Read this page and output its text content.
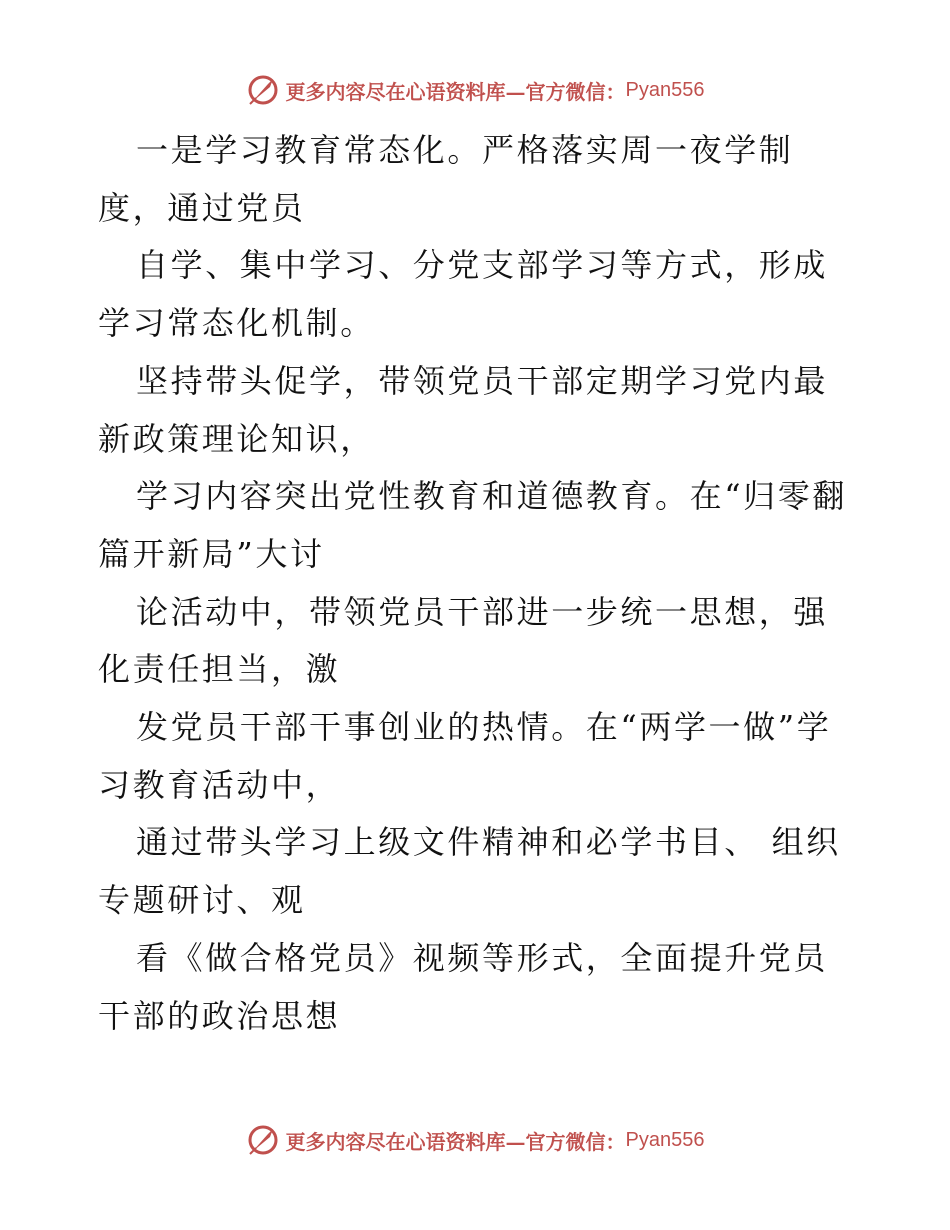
更多内容尽在心语资料库—官方微信： Pyan556

一是学习教育常态化。严格落实周一夜学制度，通过党员

自学、集中学习、分党支部学习等方式，形成学习常态化机制。

坚持带头促学，带领党员干部定期学习党内最新政策理论知识，

学习内容突出党性教育和道德教育。在“归零翻篇开新局”大讨

论活动中，带领党员干部进一步统一思想，强化责任担当，激

发党员干部干事创业的热情。在“两学一做”学习教育活动中，

通过带头学习上级文件精神和必学书目、 组织专题研讨、观

看《做合格党员》视频等形式，全面提升党员干部的政治思想

更多内容尽在心语资料库—官方微信： Pyan556
